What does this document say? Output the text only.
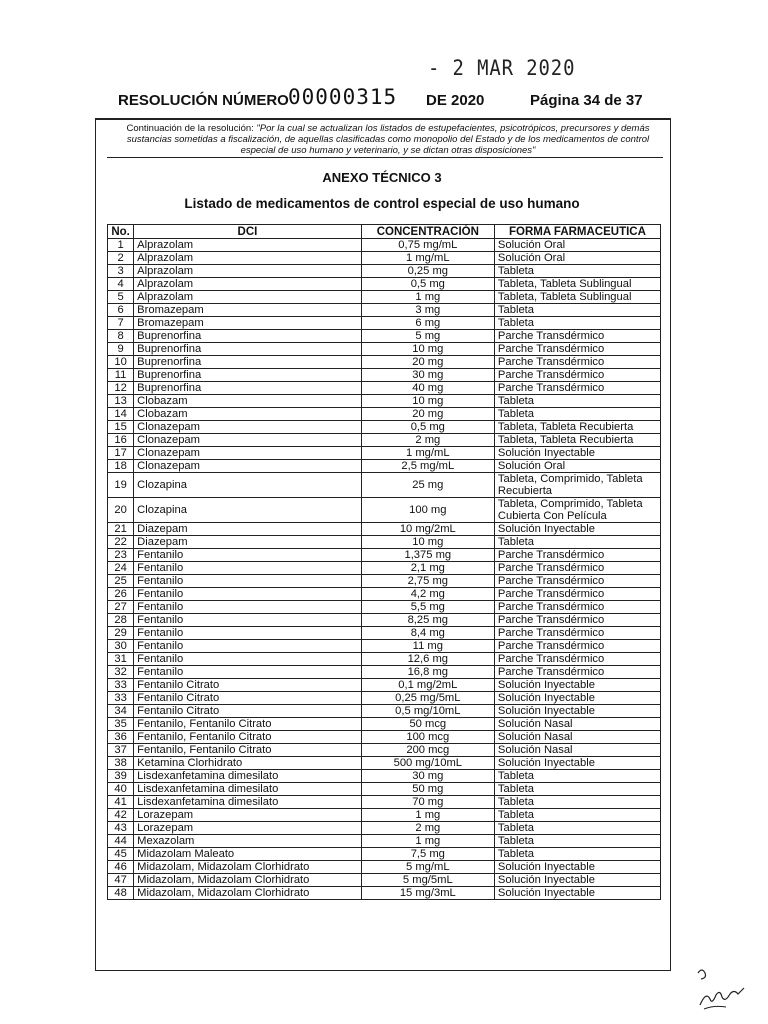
- 2 MAR 2020
RESOLUCIÓN NÚMERO 00000315 DE 2020	Página 34 de 37
Continuación de la resolución: "Por la cual se actualizan los listados de estupefacientes, psicotrópicos, precursores y demás sustancias sometidas a fiscalización, de aquellas clasificadas como monopolio del Estado y de los medicamentos de control especial de uso humano y veterinario, y se dictan otras disposiciones"
ANEXO TÉCNICO 3
Listado de medicamentos de control especial de uso humano
No.	DCI	CONCENTRACIÓN	FORMA FARMACEUTICA
1	Alprazolam	0,75 mg/mL	Solución Oral
2	Alprazolam	1 mg/mL	Solución Oral
3	Alprazolam	0,25 mg	Tableta
4	Alprazolam	0,5 mg	Tableta, Tableta Sublingual
5	Alprazolam	1 mg	Tableta, Tableta Sublingual
6	Bromazepam	3 mg	Tableta
7	Bromazepam	6 mg	Tableta
8	Buprenorfina	5 mg	Parche Transdérmico
9	Buprenorfina	10 mg	Parche Transdérmico
10	Buprenorfina	20 mg	Parche Transdérmico
11	Buprenorfina	30 mg	Parche Transdérmico
12	Buprenorfina	40 mg	Parche Transdérmico
13	Clobazam	10 mg	Tableta
14	Clobazam	20 mg	Tableta
15	Clonazepam	0,5 mg	Tableta, Tableta Recubierta
16	Clonazepam	2 mg	Tableta, Tableta Recubierta
17	Clonazepam	1 mg/mL	Solución Inyectable
18	Clonazepam	2,5 mg/mL	Solución Oral
19	Clozapina	25 mg	Tableta, Comprimido, Tableta Recubierta
20	Clozapina	100 mg	Tableta, Comprimido, Tableta Cubierta Con Película
21	Diazepam	10 mg/2mL	Solución Inyectable
22	Diazepam	10 mg	Tableta
23	Fentanilo	1,375 mg	Parche Transdérmico
24	Fentanilo	2,1 mg	Parche Transdérmico
25	Fentanilo	2,75 mg	Parche Transdérmico
26	Fentanilo	4,2 mg	Parche Transdérmico
27	Fentanilo	5,5 mg	Parche Transdérmico
28	Fentanilo	8,25 mg	Parche Transdérmico
29	Fentanilo	8,4 mg	Parche Transdérmico
30	Fentanilo	11 mg	Parche Transdérmico
31	Fentanilo	12,6 mg	Parche Transdérmico
32	Fentanilo	16,8 mg	Parche Transdérmico
33	Fentanilo Citrato	0,1 mg/2mL	Solución Inyectable
33	Fentanilo Citrato	0,25 mg/5mL	Solución Inyectable
34	Fentanilo Citrato	0,5 mg/10mL	Solución Inyectable
35	Fentanilo, Fentanilo Citrato	50 mcg	Solución Nasal
36	Fentanilo, Fentanilo Citrato	100 mcg	Solución Nasal
37	Fentanilo, Fentanilo Citrato	200 mcg	Solución Nasal
38	Ketamina Clorhidrato	500 mg/10mL	Solución Inyectable
39	Lisdexanfetamina dimesilato	30 mg	Tableta
40	Lisdexanfetamina dimesilato	50 mg	Tableta
41	Lisdexanfetamina dimesilato	70 mg	Tableta
42	Lorazepam	1 mg	Tableta
43	Lorazepam	2 mg	Tableta
44	Mexazolam	1 mg	Tableta
45	Midazolam Maleato	7,5 mg	Tableta
46	Midazolam, Midazolam Clorhidrato	5 mg/mL	Solución Inyectable
47	Midazolam, Midazolam Clorhidrato	5 mg/5mL	Solución Inyectable
48	Midazolam, Midazolam Clorhidrato	15 mg/3mL	Solución Inyectable
